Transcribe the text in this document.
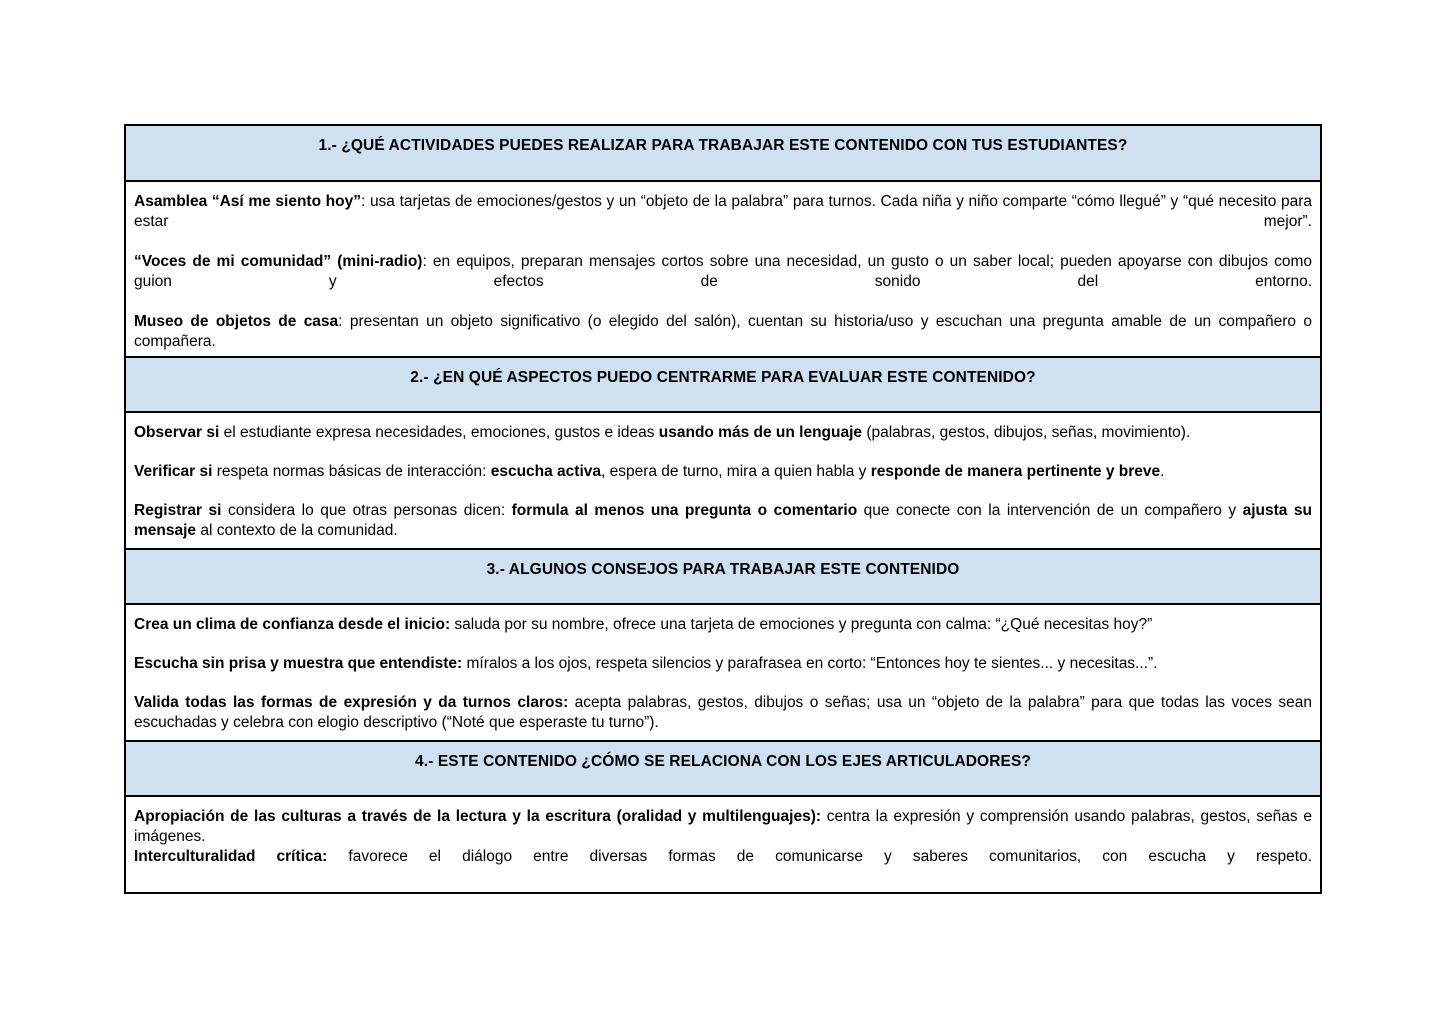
1.- ¿QUÉ ACTIVIDADES PUEDES REALIZAR PARA TRABAJAR ESTE CONTENIDO CON TUS ESTUDIANTES?

Asamblea “Así me siento hoy”: usa tarjetas de emociones/gestos y un “objeto de la palabra” para turnos. Cada niña y niño comparte “cómo llegué” y “qué necesito para estar mejor”.

“Voces de mi comunidad” (mini-radio): en equipos, preparan mensajes cortos sobre una necesidad, un gusto o un saber local; pueden apoyarse con dibujos como guion y efectos de sonido del entorno.

Museo de objetos de casa: presentan un objeto significativo (o elegido del salón), cuentan su historia/uso y escuchan una pregunta amable de un compañero o compañera.

2.- ¿EN QUÉ ASPECTOS PUEDO CENTRARME PARA EVALUAR ESTE CONTENIDO?

Observar si el estudiante expresa necesidades, emociones, gustos e ideas usando más de un lenguaje (palabras, gestos, dibujos, señas, movimiento).

Verificar si respeta normas básicas de interacción: escucha activa, espera de turno, mira a quien habla y responde de manera pertinente y breve.

Registrar si considera lo que otras personas dicen: formula al menos una pregunta o comentario que conecte con la intervención de un compañero y ajusta su mensaje al contexto de la comunidad.

3.- ALGUNOS CONSEJOS PARA TRABAJAR ESTE CONTENIDO

Crea un clima de confianza desde el inicio: saluda por su nombre, ofrece una tarjeta de emociones y pregunta con calma: “¿Qué necesitas hoy?”

Escucha sin prisa y muestra que entendiste: míralos a los ojos, respeta silencios y parafrasea en corto: “Entonces hoy te sientes... y necesitas...”.

Valida todas las formas de expresión y da turnos claros: acepta palabras, gestos, dibujos o señas; usa un “objeto de la palabra” para que todas las voces sean escuchadas y celebra con elogio descriptivo (“Noté que esperaste tu turno”).

4.- ESTE CONTENIDO ¿CÓMO SE RELACIONA CON LOS EJES ARTICULADORES?

Apropiación de las culturas a través de la lectura y la escritura (oralidad y multilenguajes): centra la expresión y comprensión usando palabras, gestos, señas e imágenes.

Interculturalidad crítica: favorece el diálogo entre diversas formas de comunicarse y saberes comunitarios, con escucha y respeto.
